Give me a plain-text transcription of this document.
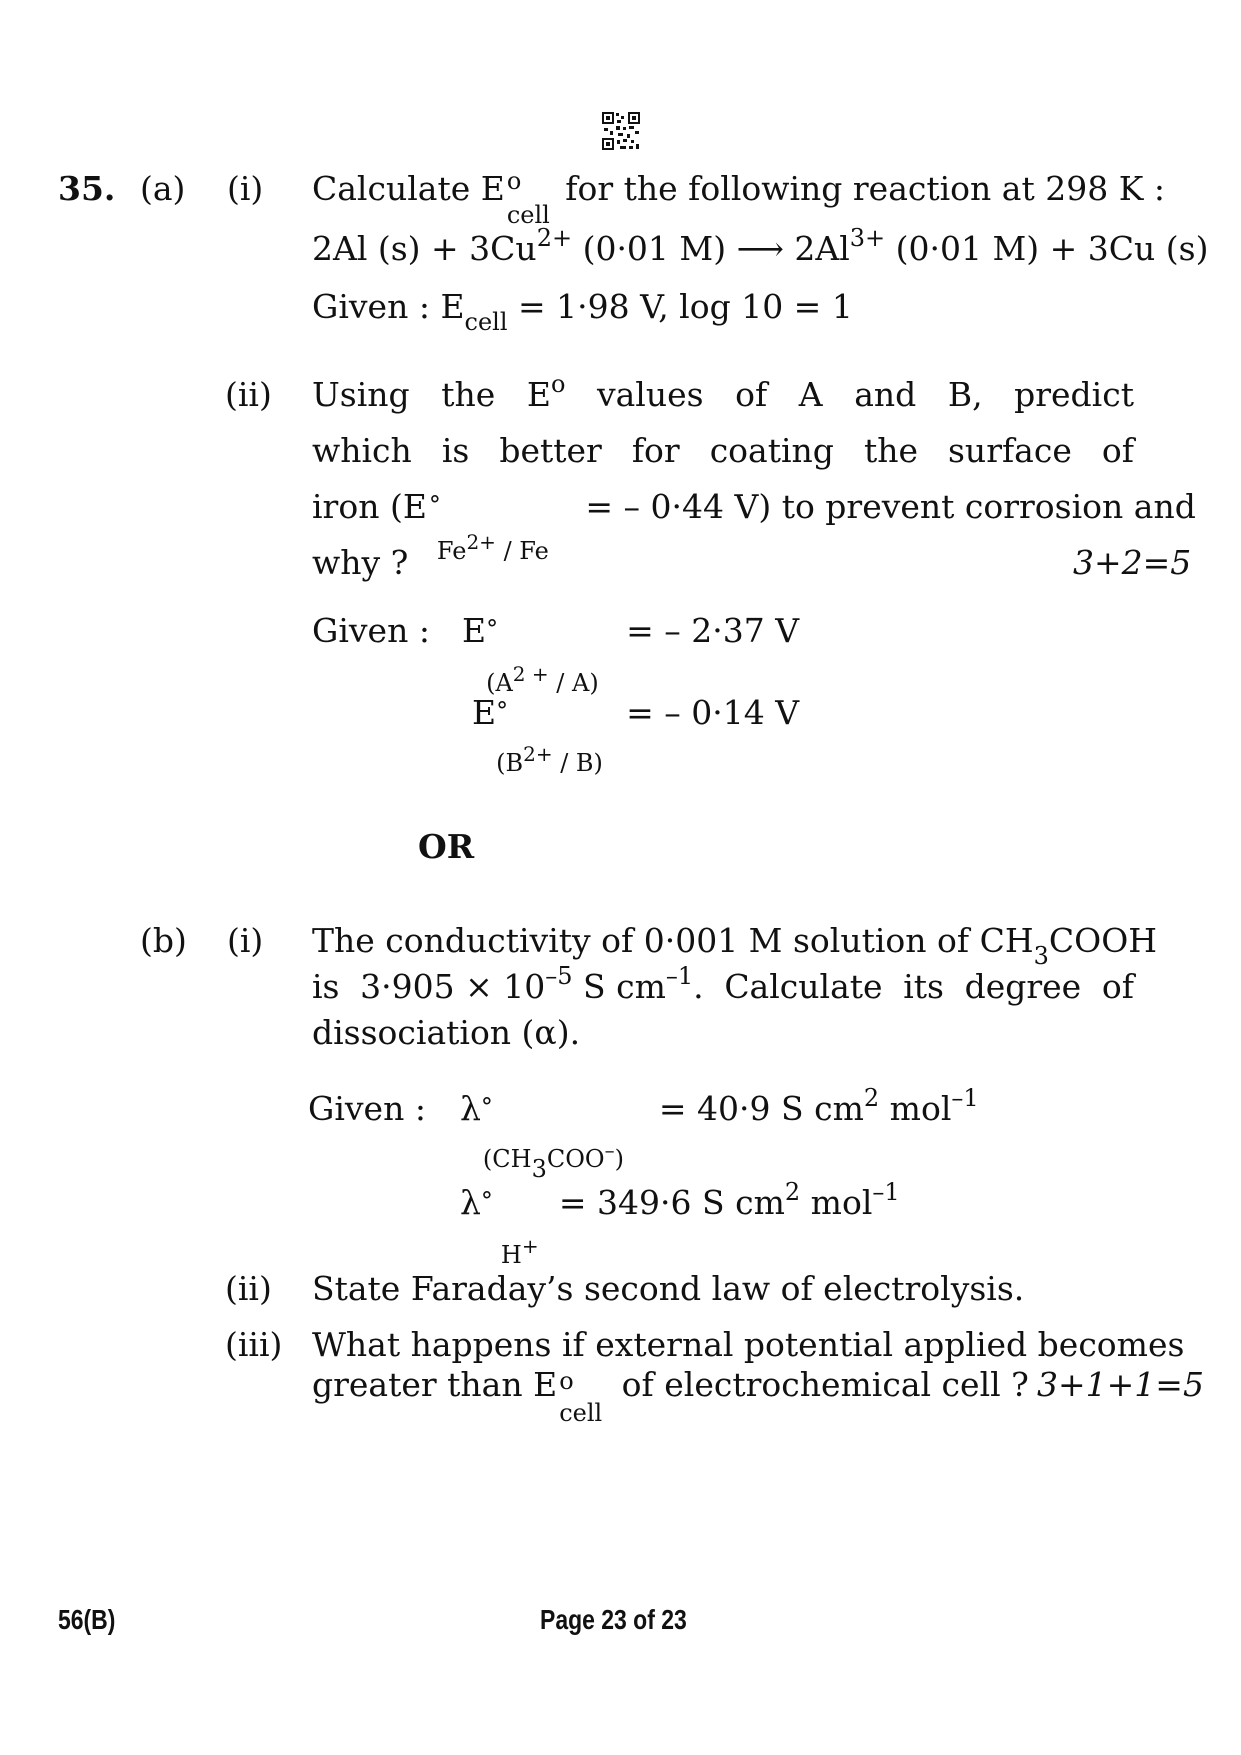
35. (a) (i) Calculate E o
cell
for the following reaction at 298 K :
2Al $(s) + 3Cu^{2+}$ (0·01 M) ⟶ $2Al^{3+}$ (0·01 M) + 3Cu (s)
Given : $E_{cell} = 1\cdot 98$ V, log 10 = 1
(ii) Using the $E^o$ values of A and B, predict
which is better for coating the surface of
iron (E °
$Fe^{2+}$ / Fe
= – 0·44 V) to prevent corrosion and
why ?	3+2=5
Given : E °
$(A^{2 +} / A)$
= – 2·37 V
E °
$(B^{2+} / B)$
= – 0·14 V
OR
(b) (i) The conductivity of 0·001 M solution of $CH_3COOH$
is $3\cdot 905 \times 10^{-5}$ S $cm^{-1}$. Calculate its degree of
dissociation (α).
Given : λ °
(CH3COO–)
= 40·9 S $cm^2$ mol$^{-1}$
λ °
H+
= 349·6 S $cm^2$ mol$^{-1}$
(ii) State Faraday’s second law of electrolysis.
(iii) What happens if external potential applied becomes
greater than E o
cell
of electrochemical cell ? 3+1+1=5
56(B)	Page 23 of 23
